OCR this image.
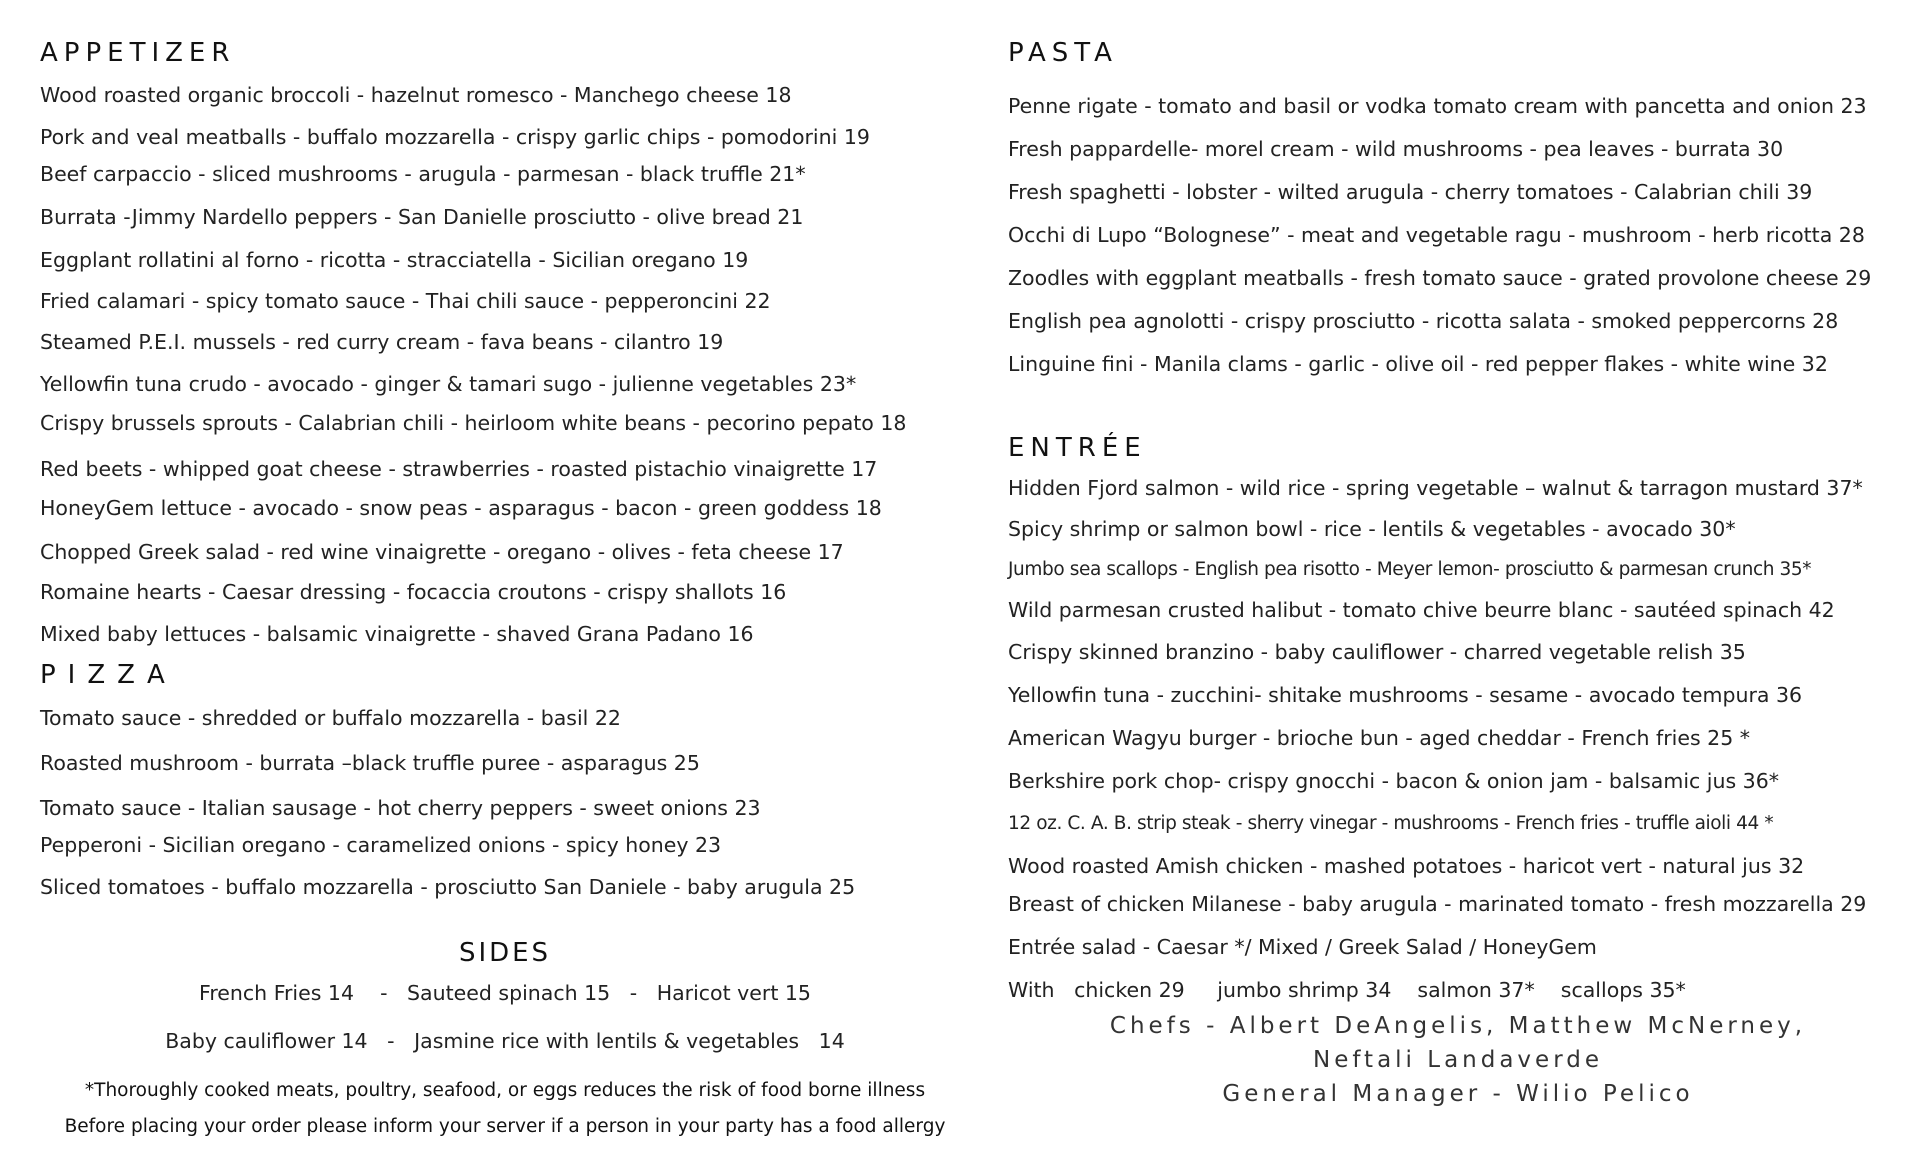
APPETIZER
Wood roasted organic broccoli - hazelnut romesco - Manchego cheese 18
Pork and veal meatballs - buffalo mozzarella - crispy garlic chips - pomodorini 19
Beef carpaccio - sliced mushrooms - arugula - parmesan - black truffle 21*
Burrata -Jimmy Nardello peppers - San Danielle prosciutto - olive bread 21
Eggplant rollatini al forno - ricotta - stracciatella - Sicilian oregano 19
Fried calamari - spicy tomato sauce - Thai chili sauce - pepperoncini 22
Steamed P.E.I. mussels - red curry cream - fava beans - cilantro 19
Yellowfin tuna crudo - avocado - ginger & tamari sugo - julienne vegetables 23*
Crispy brussels sprouts - Calabrian chili - heirloom white beans - pecorino pepato 18
Red beets - whipped goat cheese - strawberries - roasted pistachio vinaigrette 17
HoneyGem lettuce - avocado - snow peas - asparagus - bacon - green goddess 18
Chopped Greek salad - red wine vinaigrette - oregano - olives - feta cheese 17
Romaine hearts - Caesar dressing - focaccia croutons - crispy shallots 16
Mixed baby lettuces - balsamic vinaigrette - shaved Grana Padano 16
PIZZA
Tomato sauce - shredded or buffalo mozzarella - basil 22
Roasted mushroom - burrata –black truffle puree - asparagus 25
Tomato sauce - Italian sausage - hot cherry peppers - sweet onions 23
Pepperoni - Sicilian oregano - caramelized onions - spicy honey 23
Sliced tomatoes - buffalo mozzarella - prosciutto San Daniele - baby arugula 25
SIDES
French Fries 14    -   Sauteed spinach 15   -   Haricot vert 15
Baby cauliflower 14   -   Jasmine rice with lentils & vegetables   14
*Thoroughly cooked meats, poultry, seafood, or eggs reduces the risk of food borne illness
Before placing your order please inform your server if a person in your party has a food allergy
PASTA
Penne rigate - tomato and basil or vodka tomato cream with pancetta and onion 23
Fresh pappardelle- morel cream - wild mushrooms - pea leaves - burrata 30
Fresh spaghetti - lobster - wilted arugula - cherry tomatoes - Calabrian chili 39
Occhi di Lupo “Bolognese” - meat and vegetable ragu - mushroom - herb ricotta 28
Zoodles with eggplant meatballs - fresh tomato sauce - grated provolone cheese 29
English pea agnolotti - crispy prosciutto - ricotta salata - smoked peppercorns 28
Linguine fini - Manila clams - garlic - olive oil - red pepper flakes - white wine 32
ENTRÉE
Hidden Fjord salmon - wild rice - spring vegetable – walnut & tarragon mustard 37*
Spicy shrimp or salmon bowl - rice - lentils & vegetables - avocado 30*
Jumbo sea scallops - English pea risotto - Meyer lemon- prosciutto & parmesan crunch 35*
Wild parmesan crusted halibut - tomato chive beurre blanc - sautéed spinach 42
Crispy skinned branzino - baby cauliflower - charred vegetable relish 35
Yellowfin tuna - zucchini- shitake mushrooms - sesame - avocado tempura 36
American Wagyu burger - brioche bun - aged cheddar - French fries 25 *
Berkshire pork chop- crispy gnocchi - bacon & onion jam - balsamic jus 36*
12 oz. C. A. B. strip steak - sherry vinegar - mushrooms - French fries - truffle aioli 44 *
Wood roasted Amish chicken - mashed potatoes - haricot vert - natural jus 32
Breast of chicken Milanese - baby arugula - marinated tomato - fresh mozzarella 29
Entrée salad - Caesar */ Mixed / Greek Salad / HoneyGem
With   chicken 29     jumbo shrimp 34    salmon 37*    scallops 35*
Chefs - Albert DeAngelis, Matthew McNerney,
Neftali Landaverde
General Manager - Wilio Pelico
